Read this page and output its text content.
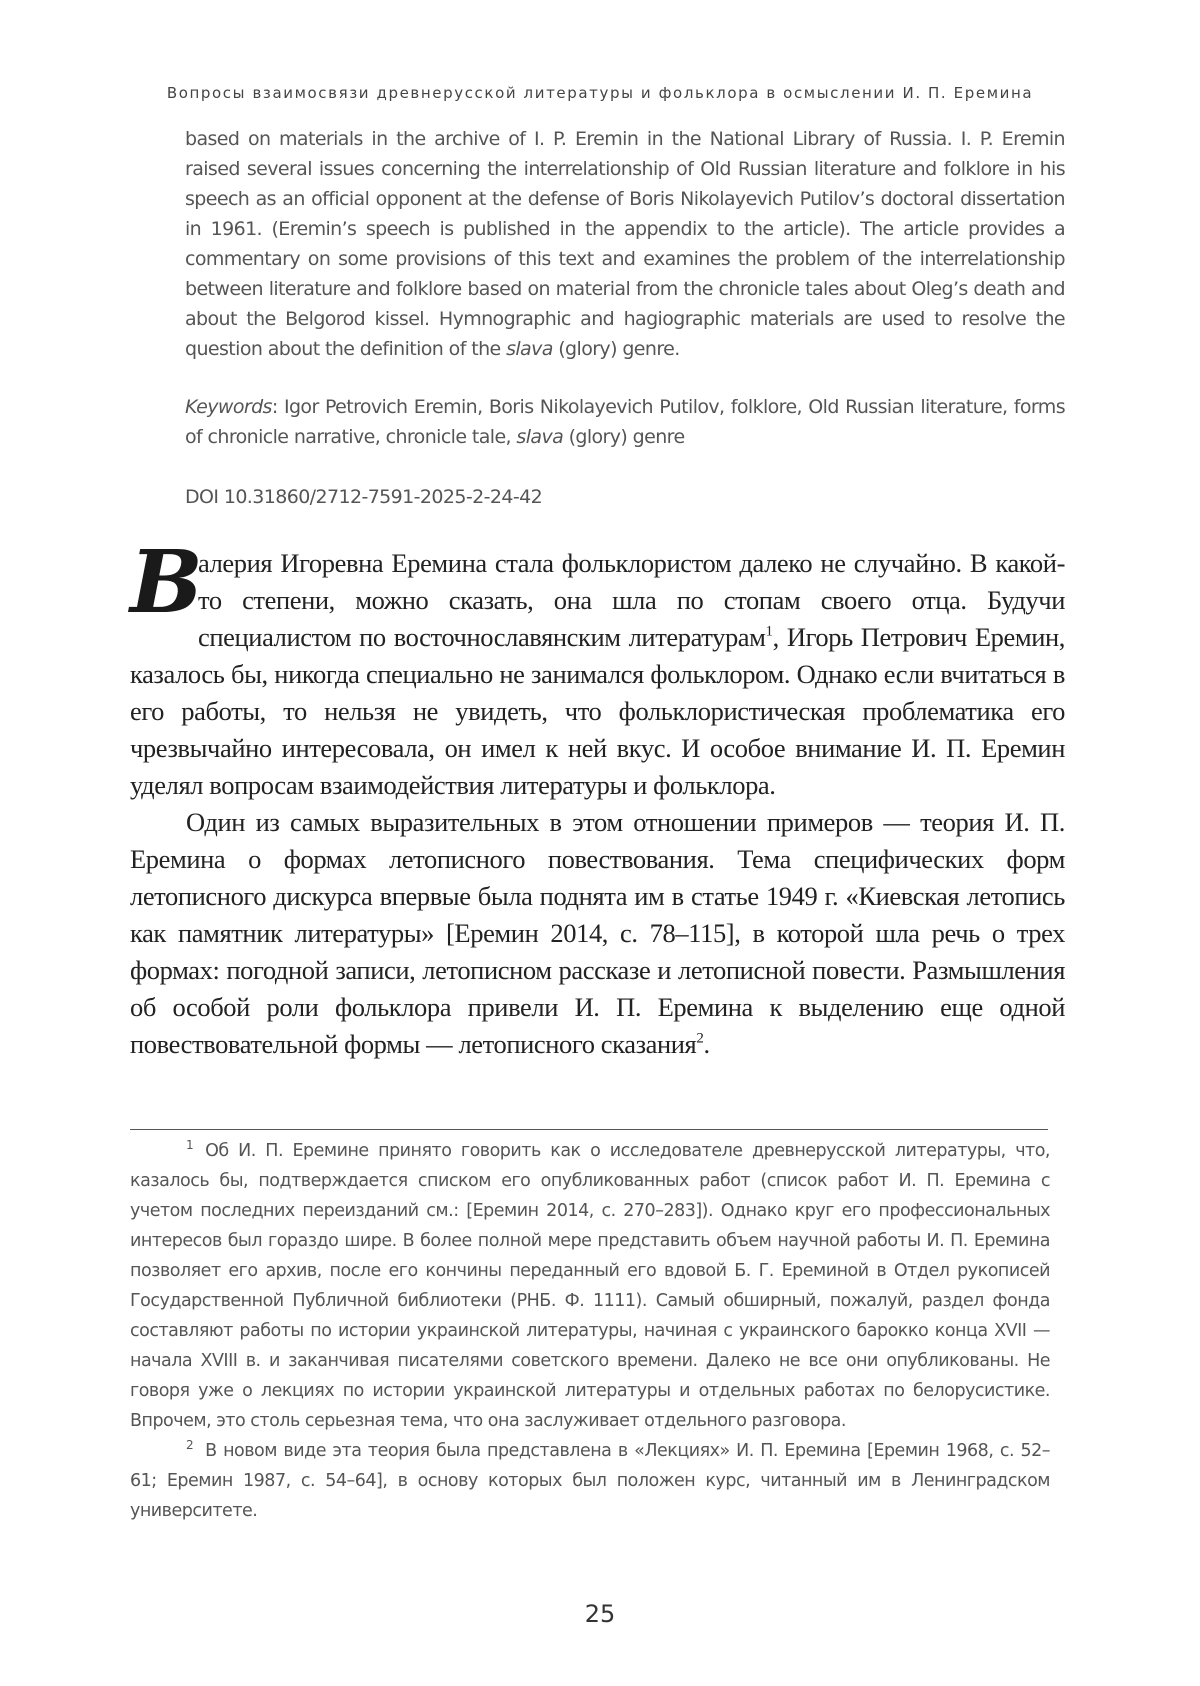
Вопросы взаимосвязи древнерусской литературы и фольклора в осмыслении И. П. Еремина

based on materials in the archive of I. P. Eremin in the National Library of Russia. I. P. Eremin raised several issues concerning the interrelationship of Old Russian literature and folklore in his speech as an official opponent at the defense of Boris Nikolayevich Putilov’s doctoral dissertation in 1961. (Eremin’s speech is published in the appendix to the article). The article provides a commentary on some provisions of this text and examines the problem of the interrelationship between literature and folklore based on material from the chronicle tales about Oleg’s death and about the Belgorod kissel. Hymnographic and hagiographic materials are used to resolve the question about the definition of the slava (glory) genre.

Keywords: Igor Petrovich Eremin, Boris Nikolayevich Putilov, folklore, Old Russian literature, forms of chronicle narrative, chronicle tale, slava (glory) genre

DOI 10.31860/2712-7591-2025-2-24-42

В
алерия Игоревна Еремина стала фольклористом далеко не случайно. В какой-то степени, можно сказать, она шла по стопам своего отца. Будучи специалистом по восточнославянским литературам1, Игорь Петрович Еремин, казалось бы, никогда специально не занимался фольклором. Однако если вчитаться в его работы, то нельзя не увидеть, что фольклористическая проблематика его чрезвычайно интересовала, он имел к ней вкус. И особое внимание И. П. Еремин уделял вопросам взаимодействия литературы и фольклора.

Один из самых выразительных в этом отношении примеров — теория И. П. Еремина о формах летописного повествования. Тема специфических форм летописного дискурса впервые была поднята им в статье 1949 г. «Киевская летопись как памятник литературы» [Еремин 2014, с. 78–115], в которой шла речь о трех формах: погодной записи, летописном рассказе и летописной повести. Размышления об особой роли фольклора привели И. П. Еремина к выделению еще одной повествовательной формы — летописного сказания2.

1 Об И. П. Еремине принято говорить как о исследователе древнерусской литературы, что, казалось бы, подтверждается списком его опубликованных работ (список работ И. П. Еремина с учетом последних переизданий см.: [Еремин 2014, с. 270–283]). Однако круг его профессиональных интересов был гораздо шире. В более полной мере представить объем научной работы И. П. Еремина позволяет его архив, после его кончины переданный его вдовой Б. Г. Ереминой в Отдел рукописей Государственной Публичной библиотеки (РНБ. Ф. 1111). Самый обширный, пожалуй, раздел фонда составляют работы по истории украинской литературы, начиная с украинского барокко конца XVII — начала XVIII в. и заканчивая писателями советского времени. Далеко не все они опубликованы. Не говоря уже о лекциях по истории украинской литературы и отдельных работах по белорусистике. Впрочем, это столь серьезная тема, что она заслуживает отдельного разговора.

2 В новом виде эта теория была представлена в «Лекциях» И. П. Еремина [Еремин 1968, с. 52–61; Еремин 1987, с. 54–64], в основу которых был положен курс, читанный им в Ленинградском университете.

25
